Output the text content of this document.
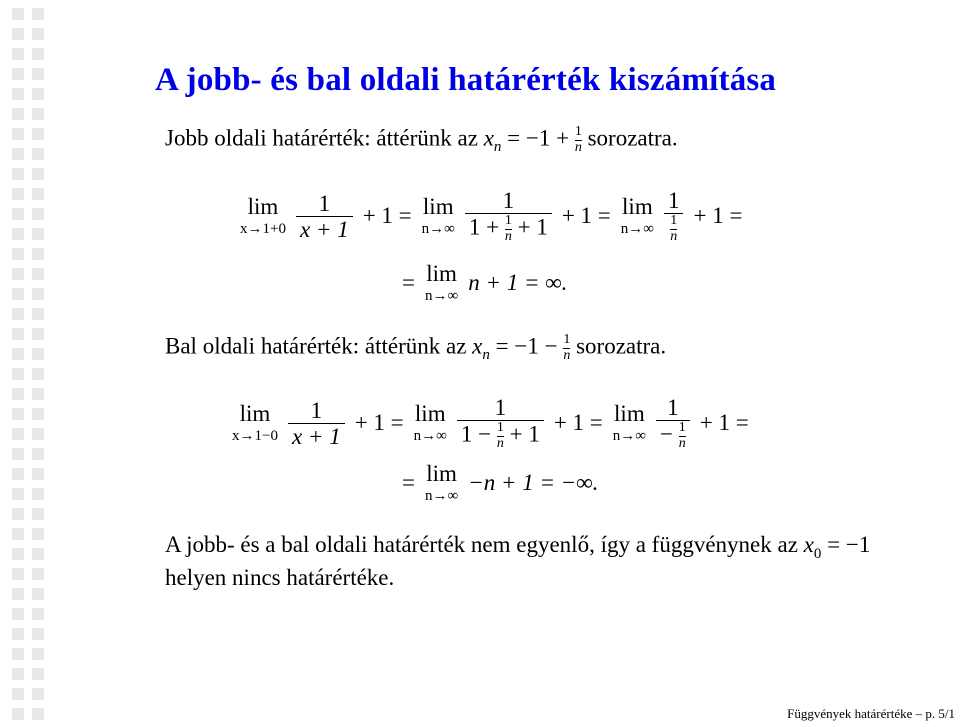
A jobb- és bal oldali határérték kiszámítása
Jobb oldali határérték: áttérünk az $x_n = -1 + \frac{1}{n}$ sorozatra.
lim
$x\to 1+0 \frac{1}{x + 1} + 1 = \lim$
$n\to\infty \frac{1}{1 + \frac{1}{n} + 1} + 1 = \lim$
$n\to\infty \frac{1}{\frac{1}{n}} + 1$ =
= lim
n→∞
n + 1 = ∞.
Bal oldali határérték: áttérünk az $x_n = -1 - \frac{1}{n}$ sorozatra.
lim
$x\to 1-0 \frac{1}{x + 1} + 1 = \lim$
$n\to\infty \frac{1}{1 - \frac{1}{n} + 1} + 1 = \lim$
$n\to\infty \frac{1}{- \frac{1}{n}} + 1$ =
= lim
n→∞
−n + 1 = −∞.
A jobb- és a bal oldali határérték nem egyenlő, így a függvénynek az $x_0 = -1$
helyen nincs határértéke.
Függvények határértéke – p. 5/1
